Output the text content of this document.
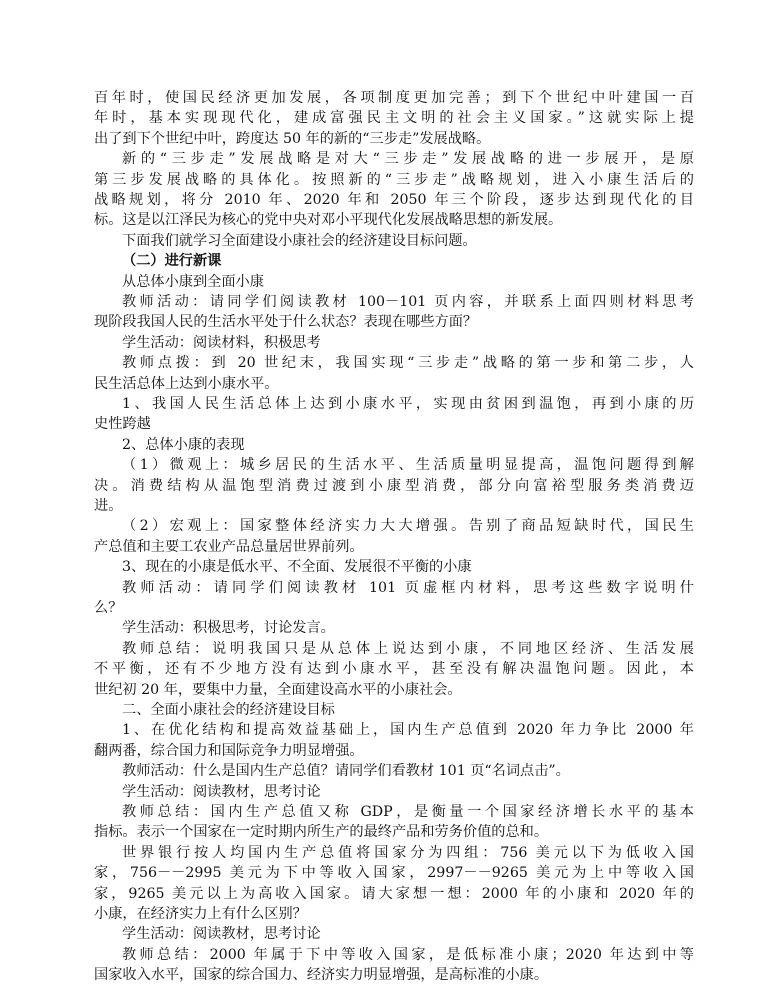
百年时，使国民经济更加发展，各项制度更加完善；到下个世纪中叶建国一百

年时，基本实现现代化，建成富强民主文明的社会主义国家。”这就实际上提

出了到下个世纪中叶，跨度达 50 年的新的“三步走”发展战略。

新的“三步走”发展战略是对大“三步走”发展战略的进一步展开，是原

第三步发展战略的具体化。按照新的“三步走”战略规划，进入小康生活后的

战略规划，将分 2010 年、2020 年和 2050 年三个阶段，逐步达到现代化的目

标。这是以江泽民为核心的党中央对邓小平现代化发展战略思想的新发展。

下面我们就学习全面建设小康社会的经济建设目标问题。

（二）进行新课

从总体小康到全面小康

教师活动：请同学们阅读教材 100－101 页内容，并联系上面四则材料思考

现阶段我国人民的生活水平处于什么状态？表现在哪些方面？

学生活动：阅读材料，积极思考

教师点拨：到 20 世纪末，我国实现“三步走”战略的第一步和第二步，人

民生活总体上达到小康水平。

1、我国人民生活总体上达到小康水平，实现由贫困到温饱，再到小康的历

史性跨越

2、总体小康的表现

（1）微观上：城乡居民的生活水平、生活质量明显提高，温饱问题得到解

决。消费结构从温饱型消费过渡到小康型消费，部分向富裕型服务类消费迈

进。

（2）宏观上：国家整体经济实力大大增强。告别了商品短缺时代，国民生

产总值和主要工农业产品总量居世界前列。

3、现在的小康是低水平、不全面、发展很不平衡的小康

教师活动：请同学们阅读教材 101 页虚框内材料，思考这些数字说明什

么？

学生活动：积极思考，讨论发言。

教师总结：说明我国只是从总体上说达到小康，不同地区经济、生活发展

不平衡，还有不少地方没有达到小康水平，甚至没有解决温饱问题。因此，本

世纪初 20 年，要集中力量，全面建设高水平的小康社会。

二、全面小康社会的经济建设目标

1、在优化结构和提高效益基础上，国内生产总值到 2020 年力争比 2000 年

翻两番，综合国力和国际竞争力明显增强。

教师活动：什么是国内生产总值？请同学们看教材 101 页“名词点击”。

学生活动：阅读教材，思考讨论

教师总结：国内生产总值又称 GDP，是衡量一个国家经济增长水平的基本

指标。表示一个国家在一定时期内所生产的最终产品和劳务价值的总和。

世界银行按人均国内生产总值将国家分为四组：756 美元以下为低收入国

家，756－－2995 美元为下中等收入国家，2997－－9265 美元为上中等收入国

家，9265 美元以上为高收入国家。请大家想一想：2000 年的小康和 2020 年的

小康，在经济实力上有什么区别？

学生活动：阅读教材，思考讨论

教师总结：2000 年属于下中等收入国家，是低标准小康；2020 年达到中等

国家收入水平，国家的综合国力、经济实力明显增强，是高标准的小康。
